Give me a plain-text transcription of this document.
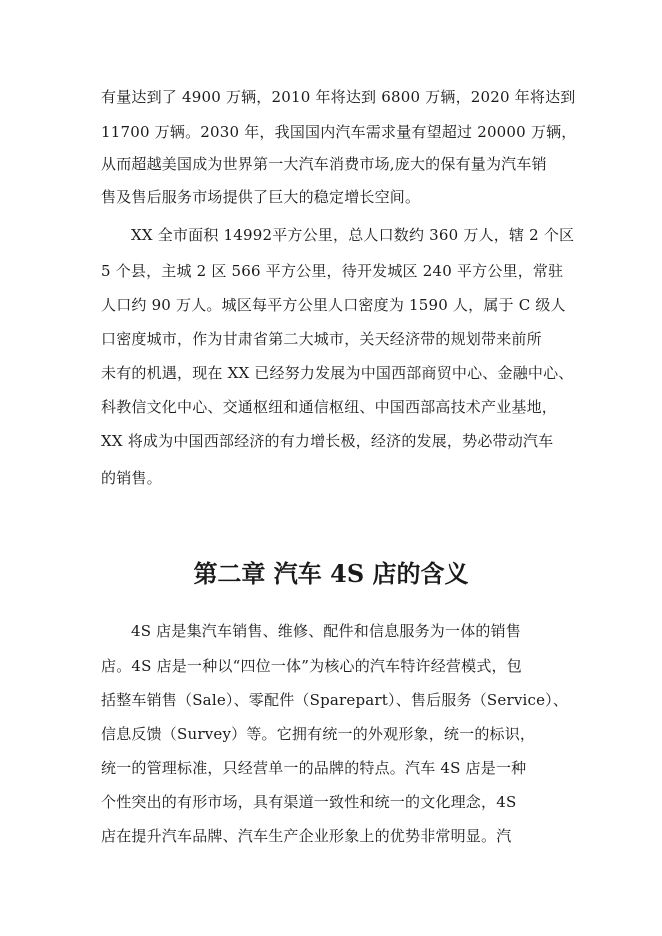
有量达到了 4900 万辆，2010 年将达到 6800 万辆，2020 年将达到
11700 万辆。2030 年，我国国内汽车需求量有望超过 20000 万辆，
从而超越美国成为世界第一大汽车消费市场,庞大的保有量为汽车销
售及售后服务市场提供了巨大的稳定增长空间。
XX 全市面积 14992平方公里，总人口数约 360 万人，辖 2 个区
5 个县，主城 2 区 566 平方公里，待开发城区 240 平方公里，常驻
人口约 90 万人。城区每平方公里人口密度为 1590 人，属于 C 级人
口密度城市，作为甘肃省第二大城市，关天经济带的规划带来前所
未有的机遇，现在 XX 已经努力发展为中国西部商贸中心、金融中心、
科教信文化中心、交通枢纽和通信枢纽、中国西部高技术产业基地，
XX 将成为中国西部经济的有力增长极，经济的发展，势必带动汽车
的销售。
第二章 汽车 4S 店的含义
4S 店是集汽车销售、维修、配件和信息服务为一体的销售
店。4S 店是一种以“四位一体”为核心的汽车特许经营模式，包
括整车销售（Sale）、零配件（Sparepart）、售后服务（Service）、
信息反馈（Survey）等。它拥有统一的外观形象，统一的标识，
统一的管理标准，只经营单一的品牌的特点。汽车 4S 店是一种
个性突出的有形市场，具有渠道一致性和统一的文化理念，4S
店在提升汽车品牌、汽车生产企业形象上的优势非常明显。汽
